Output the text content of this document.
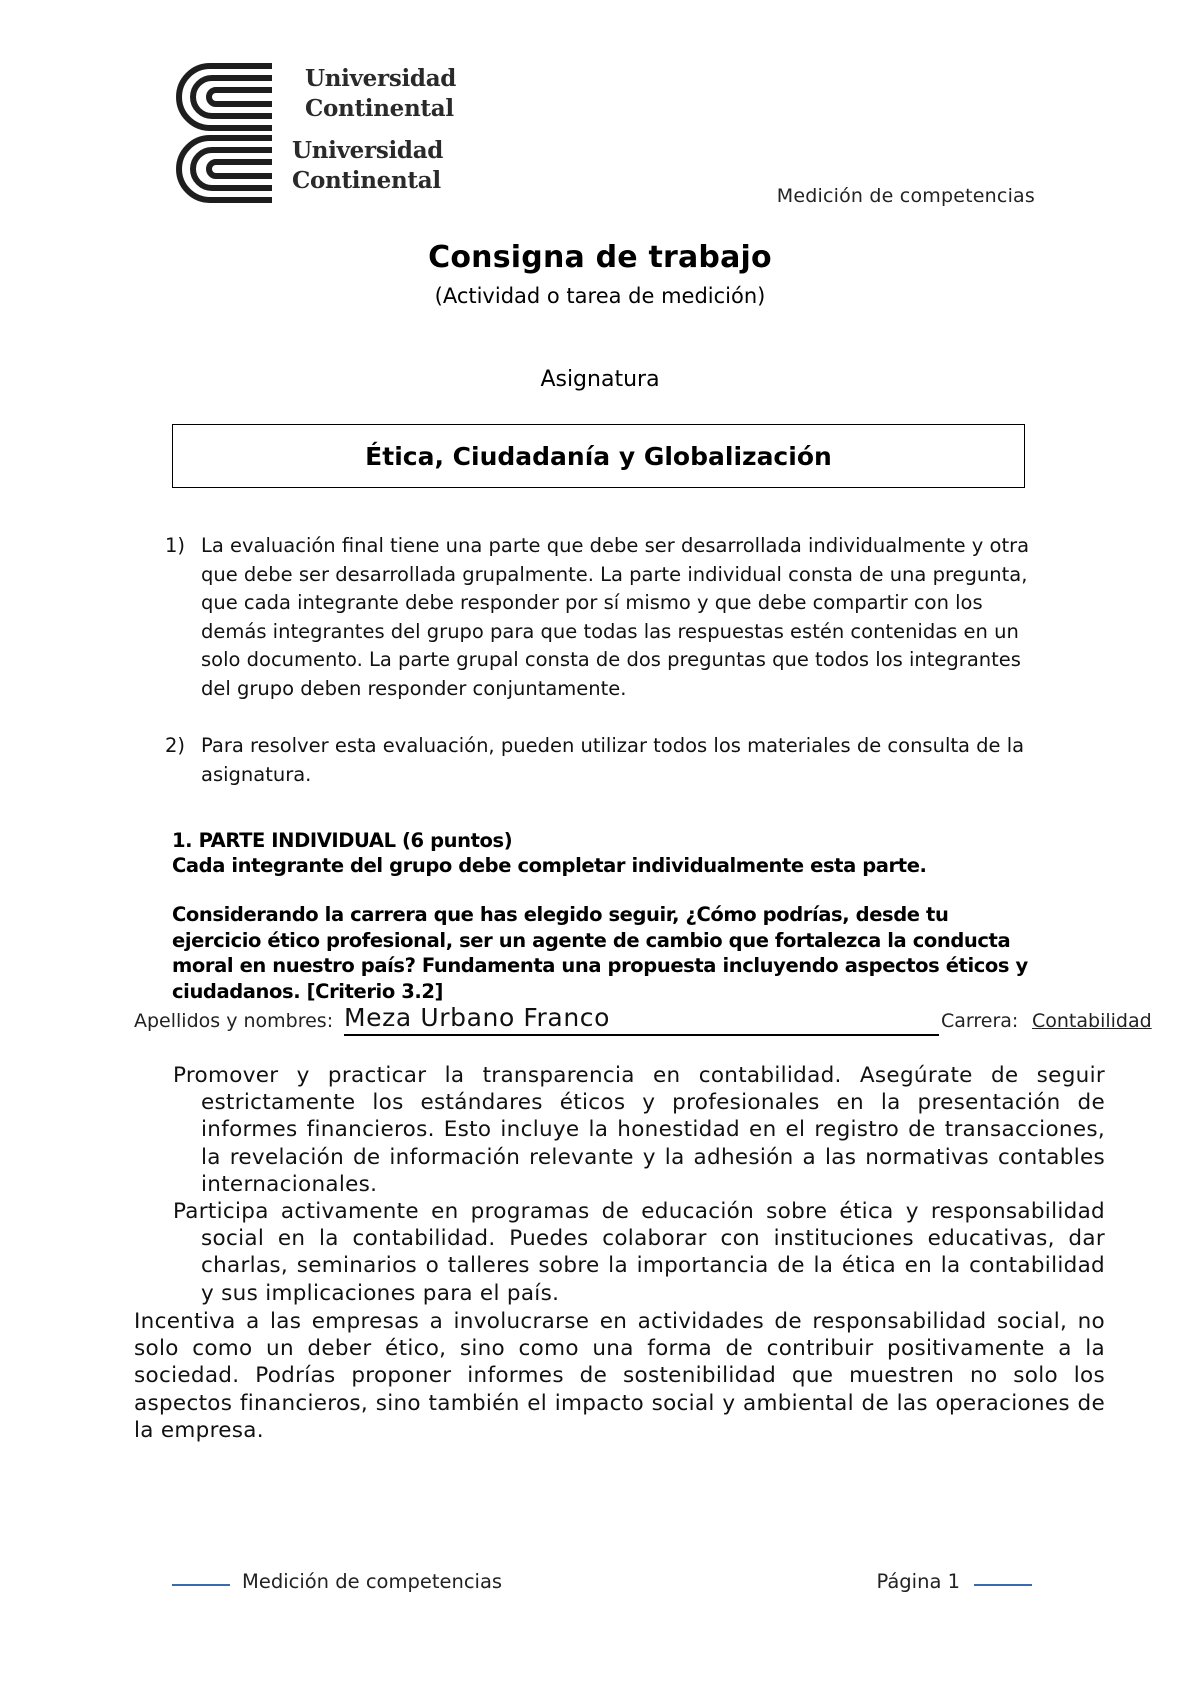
Universidad
Continental
Universidad
Continental
Medición de competencias
Consigna de trabajo
(Actividad o tarea de medición)
Asignatura
Ética, Ciudadanía y Globalización
1) La evaluación final tiene una parte que debe ser desarrollada individualmente y otra que debe ser desarrollada grupalmente. La parte individual consta de una pregunta, que cada integrante debe responder por sí mismo y que debe compartir con los demás integrantes del grupo para que todas las respuestas estén contenidas en un solo documento. La parte grupal consta de dos preguntas que todos los integrantes del grupo deben responder conjuntamente.
2) Para resolver esta evaluación, pueden utilizar todos los materiales de consulta de la asignatura.
1. PARTE INDIVIDUAL (6 puntos)
Cada integrante del grupo debe completar individualmente esta parte.
Considerando la carrera que has elegido seguir, ¿Cómo podrías, desde tu ejercicio ético profesional, ser un agente de cambio que fortalezca la conducta moral en nuestro país? Fundamenta una propuesta incluyendo aspectos éticos y ciudadanos. [Criterio 3.2]
Apellidos y nombres: Meza Urbano Franco	Carrera: Contabilidad
Promover y practicar la transparencia en contabilidad. Asegúrate de seguir estrictamente los estándares éticos y profesionales en la presentación de informes financieros. Esto incluye la honestidad en el registro de transacciones, la revelación de información relevante y la adhesión a las normativas contables internacionales.
Participa activamente en programas de educación sobre ética y responsabilidad social en la contabilidad. Puedes colaborar con instituciones educativas, dar charlas, seminarios o talleres sobre la importancia de la ética en la contabilidad y sus implicaciones para el país.
Incentiva a las empresas a involucrarse en actividades de responsabilidad social, no solo como un deber ético, sino como una forma de contribuir positivamente a la sociedad. Podrías proponer informes de sostenibilidad que muestren no solo los aspectos financieros, sino también el impacto social y ambiental de las operaciones de la empresa.
Medición de competencias	Página 1
